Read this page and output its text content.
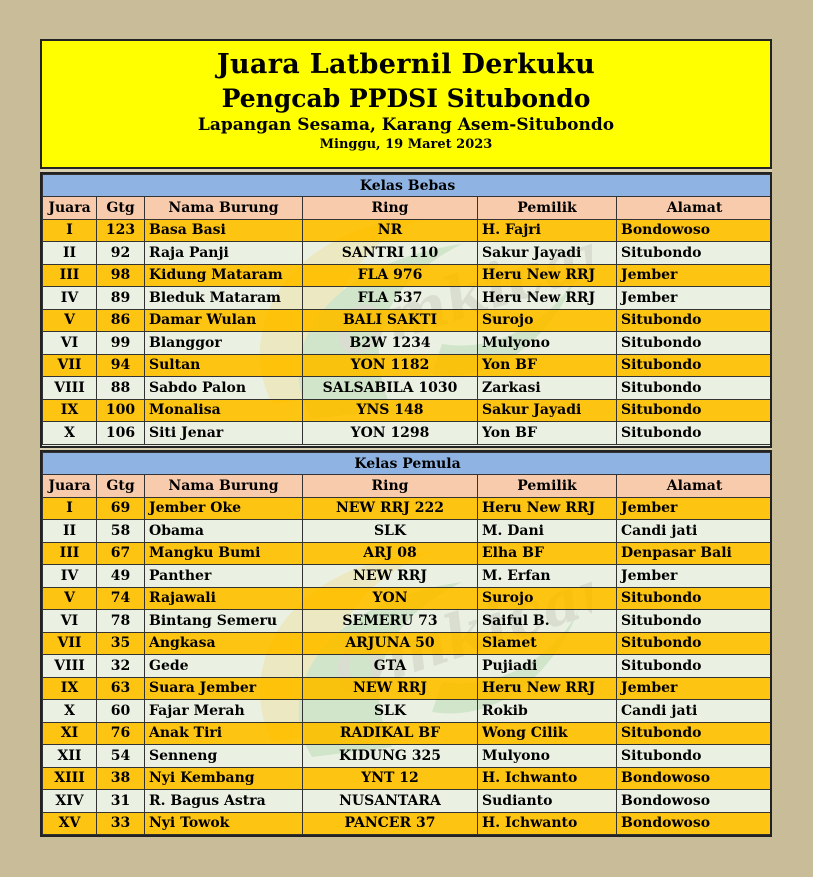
Juara Latbernil Derkuku
Pengcab PPDSI Situbondo
Lapangan Sesama, Karang Asem-Situbondo
Minggu, 19 Maret 2023
Kelas Bebas					
Juara	Gtg	Nama Burung	Ring	Pemilik	Alamat
I	123	Basa Basi	NR	H. Fajri	Bondowoso
II	92	Raja Panji	SANTRI 110	Sakur Jayadi	Situbondo
III	98	Kidung Mataram	FLA 976	Heru New RRJ	Jember
IV	89	Bleduk Mataram	FLA 537	Heru New RRJ	Jember
V	86	Damar Wulan	BALI SAKTI	Surojo	Situbondo
VI	99	Blanggor	B2W 1234	Mulyono	Situbondo
VII	94	Sultan	YON 1182	Yon BF	Situbondo
VIII	88	Sabdo Palon	SALSABILA 1030	Zarkasi	Situbondo
IX	100	Monalisa	YNS 148	Sakur Jayadi	Situbondo
X	106	Siti Jenar	YON 1298	Yon BF	Situbondo
Kelas Pemula					
Juara	Gtg	Nama Burung	Ring	Pemilik	Alamat
I	69	Jember Oke	NEW RRJ 222	Heru New RRJ	Jember
II	58	Obama	SLK	M. Dani	Candi jati
III	67	Mangku Bumi	ARJ 08	Elha BF	Denpasar Bali
IV	49	Panther	NEW RRJ	M. Erfan	Jember
V	74	Rajawali	YON	Surojo	Situbondo
VI	78	Bintang Semeru	SEMERU 73	Saiful B.	Situbondo
VII	35	Angkasa	ARJUNA 50	Slamet	Situbondo
VIII	32	Gede	GTA	Pujiadi	Situbondo
IX	63	Suara Jember	NEW RRJ	Heru New RRJ	Jember
X	60	Fajar Merah	SLK	Rokib	Candi jati
XI	76	Anak Tiri	RADIKAL BF	Wong Cilik	Situbondo
XII	54	Senneng	KIDUNG 325	Mulyono	Situbondo
XIII	38	Nyi Kembang	YNT 12	H. Ichwanto	Bondowoso
XIV	31	R. Bagus Astra	NUSANTARA	Sudianto	Bondowoso
XV	33	Nyi Towok	PANCER 37	H. Ichwanto	Bondowoso
